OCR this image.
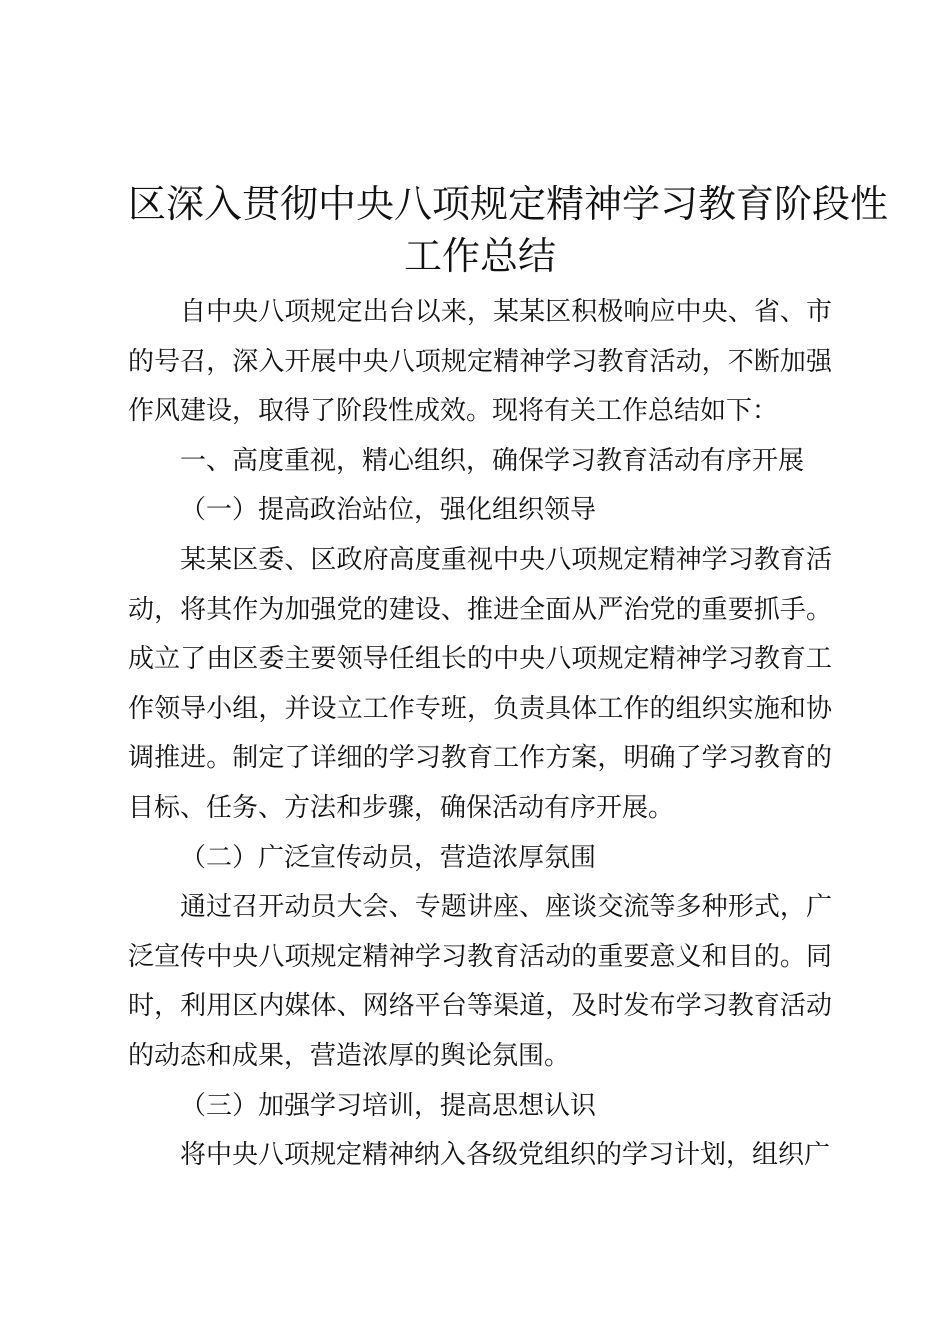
区深入贯彻中央八项规定精神学习教育阶段性
工作总结

自中央八项规定出台以来，某某区积极响应中央、省、市的号召，深入开展中央八项规定精神学习教育活动，不断加强作风建设，取得了阶段性成效。现将有关工作总结如下：

一、高度重视，精心组织，确保学习教育活动有序开展

（一）提高政治站位，强化组织领导

某某区委、区政府高度重视中央八项规定精神学习教育活动，将其作为加强党的建设、推进全面从严治党的重要抓手。成立了由区委主要领导任组长的中央八项规定精神学习教育工作领导小组，并设立工作专班，负责具体工作的组织实施和协调推进。制定了详细的学习教育工作方案，明确了学习教育的目标、任务、方法和步骤，确保活动有序开展。

（二）广泛宣传动员，营造浓厚氛围

通过召开动员大会、专题讲座、座谈交流等多种形式，广泛宣传中央八项规定精神学习教育活动的重要意义和目的。同时，利用区内媒体、网络平台等渠道，及时发布学习教育活动的动态和成果，营造浓厚的舆论氛围。

（三）加强学习培训，提高思想认识

将中央八项规定精神纳入各级党组织的学习计划，组织广
